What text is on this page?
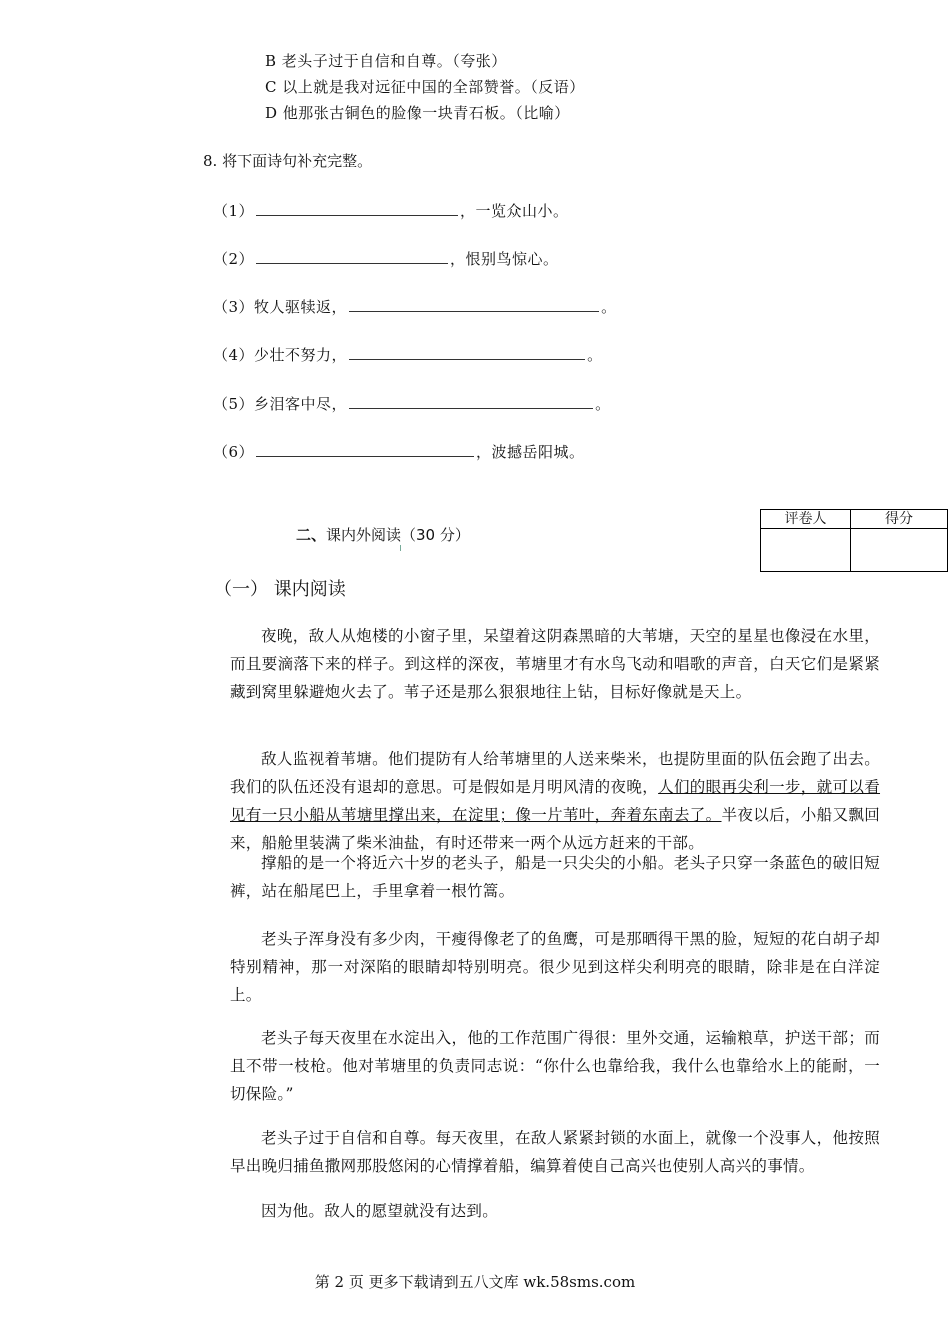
B 老头子过于自信和自尊。（夸张）
C 以上就是我对远征中国的全部赞誉。（反语）
D 他那张古铜色的脸像一块青石板。（比喻）
8. 将下面诗句补充完整。
（1）	，一览众山小。
（2）	，恨别鸟惊心。
（3）牧人驱犊返，	。
（4）少壮不努力，	。
（5）乡泪客中尽，	。
（6）	，波撼岳阳城。
二、课内外阅读（30 分）
评卷人	得分
（一） 课内阅读
夜晚，敌人从炮楼的小窗子里，呆望着这阴森黑暗的大苇塘，天空的星星也像浸在水里，而且要滴落下来的样子。到这样的深夜，苇塘里才有水鸟飞动和唱歌的声音，白天它们是紧紧藏到窝里躲避炮火去了。苇子还是那么狠狠地往上钻，目标好像就是天上。
敌人监视着苇塘。他们提防有人给苇塘里的人送来柴米，也提防里面的队伍会跑了出去。我们的队伍还没有退却的意思。可是假如是月明风清的夜晚，人们的眼再尖利一步，就可以看见有一只小船从苇塘里撑出来，在淀里；像一片苇叶，奔着东南去了。半夜以后，小船又飘回来，船舱里装满了柴米油盐，有时还带来一两个从远方赶来的干部。
撑船的是一个将近六十岁的老头子，船是一只尖尖的小船。老头子只穿一条蓝色的破旧短裤，站在船尾巴上，手里拿着一根竹篙。
老头子浑身没有多少肉，干瘦得像老了的鱼鹰，可是那晒得干黑的脸，短短的花白胡子却特别精神，那一对深陷的眼睛却特别明亮。很少见到这样尖利明亮的眼睛，除非是在白洋淀上。
老头子每天夜里在水淀出入，他的工作范围广得很：里外交通，运输粮草，护送干部；而且不带一枝枪。他对苇塘里的负责同志说：“你什么也靠给我，我什么也靠给水上的能耐，一切保险。”
老头子过于自信和自尊。每天夜里，在敌人紧紧封锁的水面上，就像一个没事人，他按照早出晚归捕鱼撒网那股悠闲的心情撑着船，编算着使自己高兴也使别人高兴的事情。
因为他。敌人的愿望就没有达到。
第 2 页 更多下载请到五八文库 wk.58sms.com
